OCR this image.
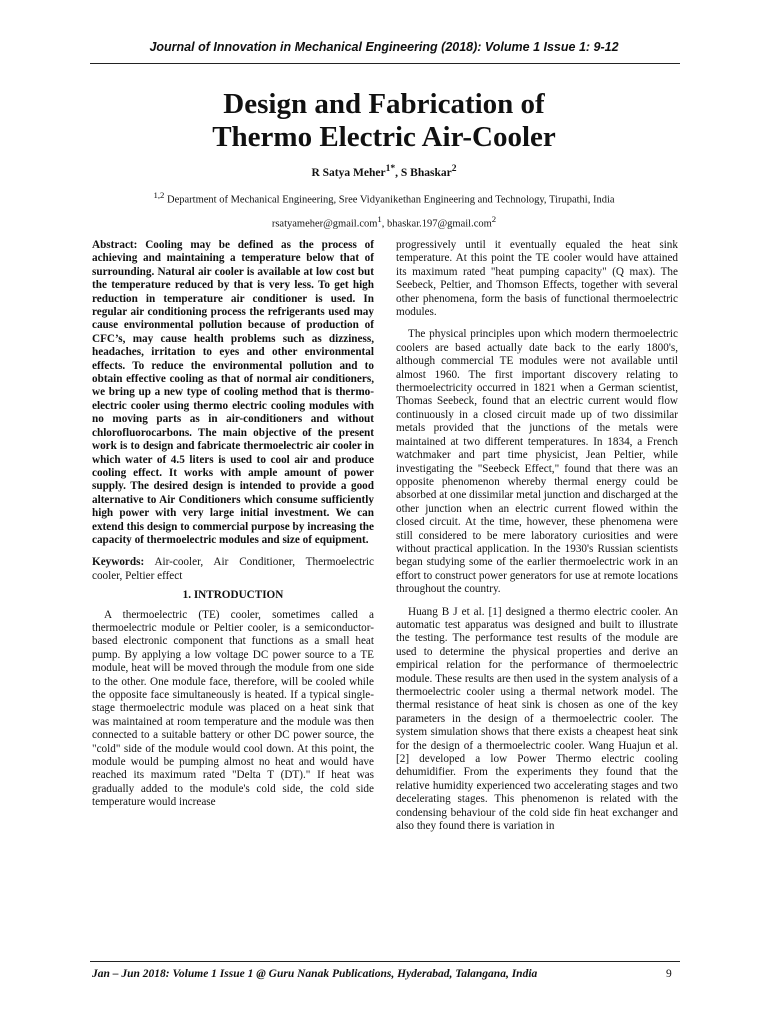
Journal of Innovation in Mechanical Engineering (2018): Volume 1 Issue 1: 9-12
Design and Fabrication of
Thermo Electric Air-Cooler
R Satya Meher$^{1*}$, S Bhaskar$^2$
$^{1,2}$ Department of Mechanical Engineering, Sree Vidyanikethan Engineering and Technology, Tirupathi, India
rsatyameher@gmail.com$^1$, bhaskar.197@gmail.com$^2$

Abstract: Cooling may be defined as the process of achieving and maintaining a temperature below that of surrounding. Natural air cooler is available at low cost but the temperature reduced by that is very less. To get high reduction in temperature air conditioner is used. In regular air conditioning process the refrigerants used may cause environmental pollution because of production of CFC’s, may cause health problems such as dizziness, headaches, irritation to eyes and other environmental effects. To reduce the environmental pollution and to obtain effective cooling as that of normal air conditioners, we bring up a new type of cooling method that is thermo-electric cooler using thermo electric cooling modules with no moving parts as in air-conditioners and without chlorofluorocarbons. The main objective of the present work is to design and fabricate thermoelectric air cooler in which water of 4.5 liters is used to cool air and produce cooling effect. It works with ample amount of power supply. The desired design is intended to provide a good alternative to Air Conditioners which consume sufficiently high power with very large initial investment. We can extend this design to commercial purpose by increasing the capacity of thermoelectric modules and size of equipment.

Keywords: Air-cooler, Air Conditioner, Thermoelectric cooler, Peltier effect

1. INTRODUCTION

A thermoelectric (TE) cooler, sometimes called a thermoelectric module or Peltier cooler, is a semiconductor-based electronic component that functions as a small heat pump. By applying a low voltage DC power source to a TE module, heat will be moved through the module from one side to the other. One module face, therefore, will be cooled while the opposite face simultaneously is heated. If a typical single-stage thermoelectric module was placed on a heat sink that was maintained at room temperature and the module was then connected to a suitable battery or other DC power source, the "cold" side of the module would cool down. At this point, the module would be pumping almost no heat and would have reached its maximum rated "Delta T (DT)." If heat was gradually added to the module's cold side, the cold side temperature would increase

progressively until it eventually equaled the heat sink temperature. At this point the TE cooler would have attained its maximum rated "heat pumping capacity" (Q max). The Seebeck, Peltier, and Thomson Effects, together with several other phenomena, form the basis of functional thermoelectric modules.

The physical principles upon which modern thermoelectric coolers are based actually date back to the early 1800's, although commercial TE modules were not available until almost 1960. The first important discovery relating to thermoelectricity occurred in 1821 when a German scientist, Thomas Seebeck, found that an electric current would flow continuously in a closed circuit made up of two dissimilar metals provided that the junctions of the metals were maintained at two different temperatures. In 1834, a French watchmaker and part time physicist, Jean Peltier, while investigating the "Seebeck Effect," found that there was an opposite phenomenon whereby thermal energy could be absorbed at one dissimilar metal junction and discharged at the other junction when an electric current flowed within the closed circuit. At the time, however, these phenomena were still considered to be mere laboratory curiosities and were without practical application. In the 1930's Russian scientists began studying some of the earlier thermoelectric work in an effort to construct power generators for use at remote locations throughout the country.

Huang B J et al. [1] designed a thermo electric cooler. An automatic test apparatus was designed and built to illustrate the testing. The performance test results of the module are used to determine the physical properties and derive an empirical relation for the performance of thermoelectric module. These results are then used in the system analysis of a thermoelectric cooler using a thermal network model. The thermal resistance of heat sink is chosen as one of the key parameters in the design of a thermoelectric cooler. The system simulation shows that there exists a cheapest heat sink for the design of a thermoelectric cooler. Wang Huajun et al. [2] developed a low Power Thermo electric cooling dehumidifier. From the experiments they found that the relative humidity experienced two accelerating stages and two decelerating stages. This phenomenon is related with the condensing behaviour of the cold side fin heat exchanger and also they found there is variation in

Jan – Jun 2018: Volume 1 Issue 1 @ Guru Nanak Publications, Hyderabad, Talangana, India	9
